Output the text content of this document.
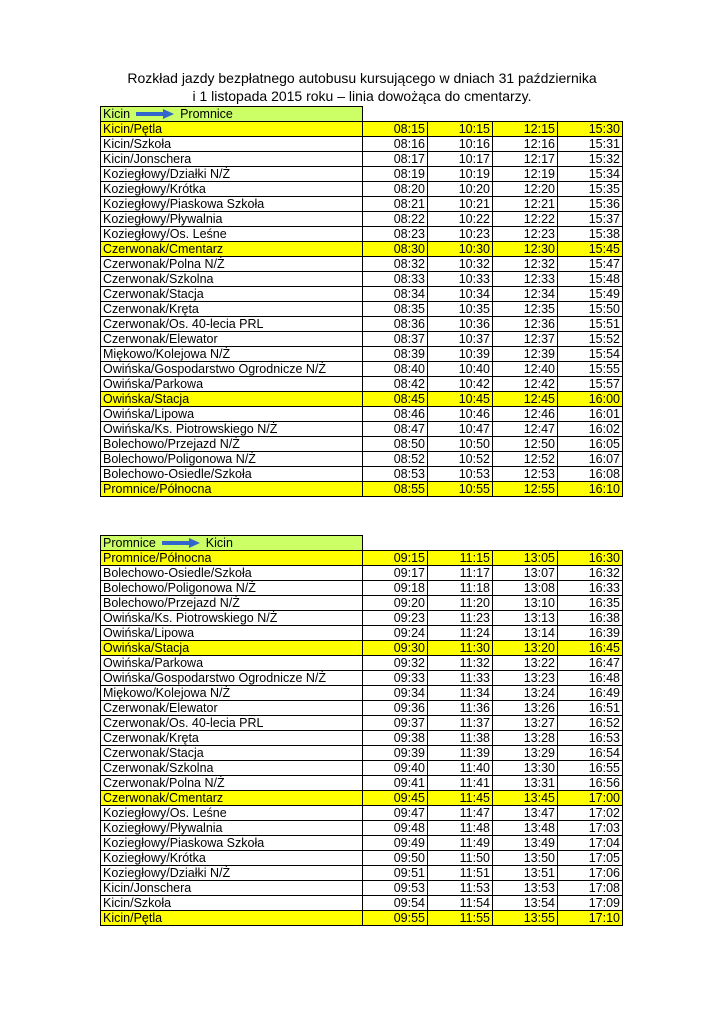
Rozkład jazdy bezpłatnego autobusu kursującego w dniach 31 października
i 1 listopada 2015 roku – linia dowożąca do cmentarzy.
Kicin Promnice				

Kicin/Pętla	08:15	10:15	12:15	15:30
Kicin/Szkoła	08:16	10:16	12:16	15:31
Kicin/Jonschera	08:17	10:17	12:17	15:32
Koziegłowy/Działki N/Ż	08:19	10:19	12:19	15:34
Koziegłowy/Krótka	08:20	10:20	12:20	15:35
Koziegłowy/Piaskowa Szkoła	08:21	10:21	12:21	15:36
Koziegłowy/Pływalnia	08:22	10:22	12:22	15:37
Koziegłowy/Os. Leśne	08:23	10:23	12:23	15:38
Czerwonak/Cmentarz	08:30	10:30	12:30	15:45
Czerwonak/Polna N/Ż	08:32	10:32	12:32	15:47
Czerwonak/Szkolna	08:33	10:33	12:33	15:48
Czerwonak/Stacja	08:34	10:34	12:34	15:49
Czerwonak/Kręta	08:35	10:35	12:35	15:50
Czerwonak/Os. 40-lecia PRL	08:36	10:36	12:36	15:51
Czerwonak/Elewator	08:37	10:37	12:37	15:52
Miękowo/Kolejowa N/Ż	08:39	10:39	12:39	15:54
Owińska/Gospodarstwo Ogrodnicze N/Ż	08:40	10:40	12:40	15:55
Owińska/Parkowa	08:42	10:42	12:42	15:57
Owińska/Stacja	08:45	10:45	12:45	16:00
Owińska/Lipowa	08:46	10:46	12:46	16:01
Owińska/Ks. Piotrowskiego N/Ż	08:47	10:47	12:47	16:02
Bolechowo/Przejazd N/Ż	08:50	10:50	12:50	16:05
Bolechowo/Poligonowa N/Ż	08:52	10:52	12:52	16:07
Bolechowo-Osiedle/Szkoła	08:53	10:53	12:53	16:08
Promnice/Północna	08:55	10:55	12:55	16:10
Promnice Kicin				

Promnice/Północna	09:15	11:15	13:05	16:30
Bolechowo-Osiedle/Szkoła	09:17	11:17	13:07	16:32
Bolechowo/Poligonowa N/Ż	09:18	11:18	13:08	16:33
Bolechowo/Przejazd N/Ż	09:20	11:20	13:10	16:35
Owińska/Ks. Piotrowskiego N/Ż	09:23	11:23	13:13	16:38
Owińska/Lipowa	09:24	11:24	13:14	16:39
Owińska/Stacja	09:30	11:30	13:20	16:45
Owińska/Parkowa	09:32	11:32	13:22	16:47
Owińska/Gospodarstwo Ogrodnicze N/Ż	09:33	11:33	13:23	16:48
Miękowo/Kolejowa N/Ż	09:34	11:34	13:24	16:49
Czerwonak/Elewator	09:36	11:36	13:26	16:51
Czerwonak/Os. 40-lecia PRL	09:37	11:37	13:27	16:52
Czerwonak/Kręta	09:38	11:38	13:28	16:53
Czerwonak/Stacja	09:39	11:39	13:29	16:54
Czerwonak/Szkolna	09:40	11:40	13:30	16:55
Czerwonak/Polna N/Ż	09:41	11:41	13:31	16:56
Czerwonak/Cmentarz	09:45	11:45	13:45	17:00
Koziegłowy/Os. Leśne	09:47	11:47	13:47	17:02
Koziegłowy/Pływalnia	09:48	11:48	13:48	17:03
Koziegłowy/Piaskowa Szkoła	09:49	11:49	13:49	17:04
Koziegłowy/Krótka	09:50	11:50	13:50	17:05
Koziegłowy/Działki N/Ż	09:51	11:51	13:51	17:06
Kicin/Jonschera	09:53	11:53	13:53	17:08
Kicin/Szkoła	09:54	11:54	13:54	17:09
Kicin/Pętla	09:55	11:55	13:55	17:10
